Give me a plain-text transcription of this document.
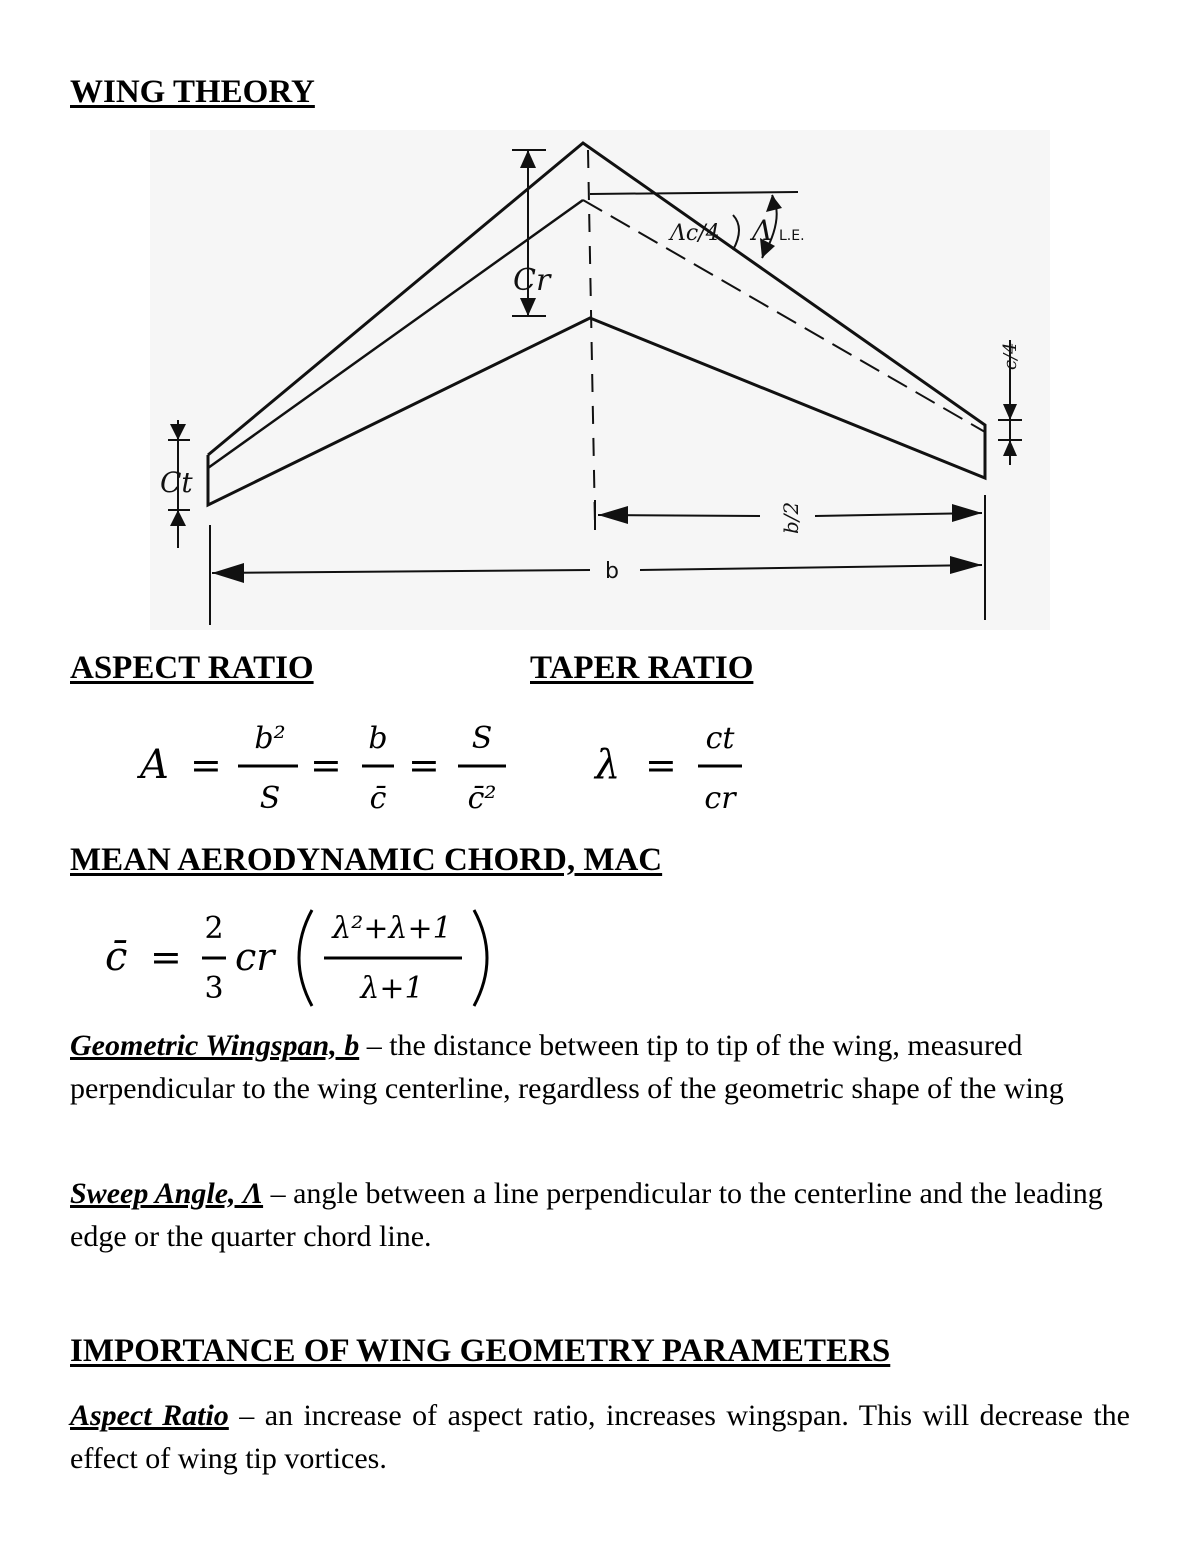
WING THEORY
Cr
Ct
Λc/4 Λ
c/4
b/2
L.E.
b
ASPECT RATIO	TAPER RATIO
A = = =
b²
S
b
c̄
S
c̄²
λ =
ct
cr
MEAN AERODYNAMIC CHORD, MAC
c̄	cr
=
2
3
λ²+λ+1
λ+1
Geometric Wingspan, b – the distance between tip to tip of the wing, measured perpendicular to the wing centerline, regardless of the geometric shape of the wing
Sweep Angle, Λ – angle between a line perpendicular to the centerline and the leading edge or the quarter chord line.
IMPORTANCE OF WING GEOMETRY PARAMETERS
Aspect Ratio – an increase of aspect ratio, increases wingspan. This will decrease the effect of wing tip vortices.
